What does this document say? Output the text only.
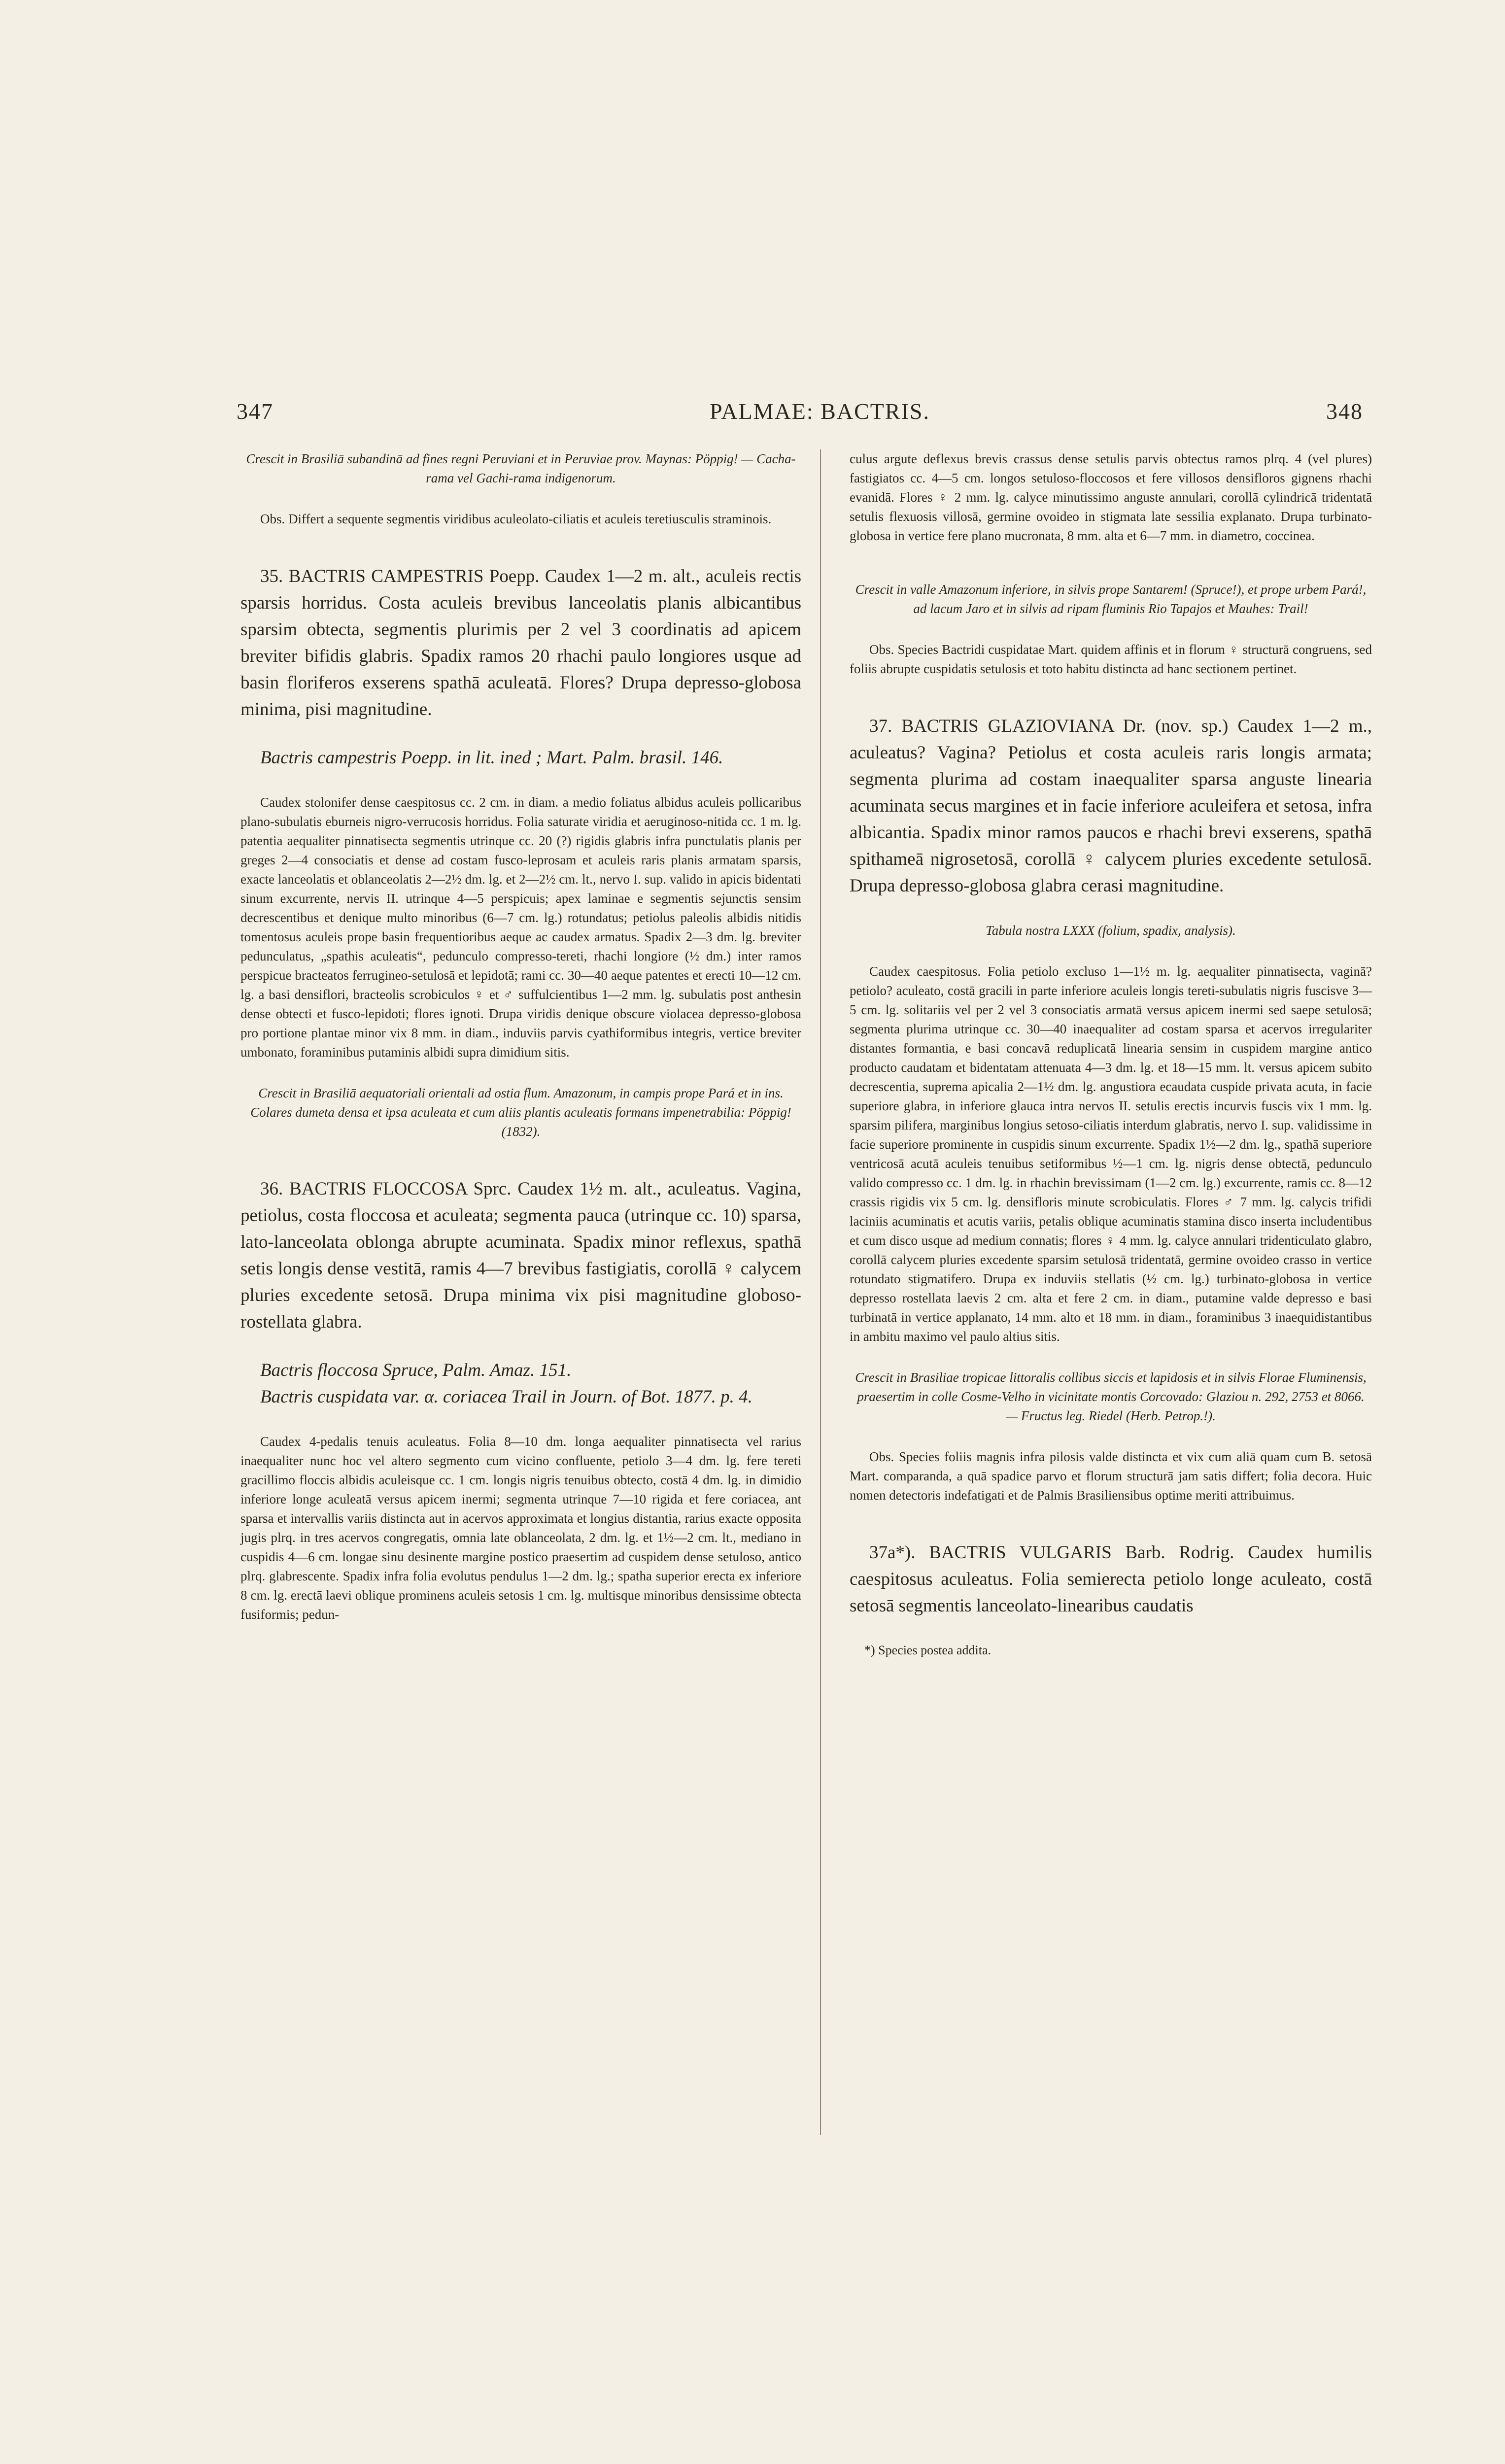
347	PALMAE: BACTRIS.	348

Crescit in Brasiliā subandinā ad fines regni Peruviani et in Peruviae prov. Maynas: Pöppig! — Cacha-rama vel Gachi-rama indigenorum.

Obs. Differt a sequente segmentis viridibus aculeolato-ciliatis et aculeis teretiusculis straminois.

35. BACTRIS CAMPESTRIS Poepp. Caudex 1—2 m. alt., aculeis rectis sparsis horridus. Costa aculeis brevibus lanceolatis planis albicantibus sparsim obtecta, segmentis plurimis per 2 vel 3 coordinatis ad apicem breviter bifidis glabris. Spadix ramos 20 rhachi paulo longiores usque ad basin floriferos exserens spathā aculeatā. Flores? Drupa depresso-globosa minima, pisi magnitudine.

Bactris campestris Poepp. in lit. ined ; Mart. Palm. brasil. 146.

Caudex stolonifer dense caespitosus cc. 2 cm. in diam. a medio foliatus albidus aculeis pollicaribus plano-subulatis eburneis nigro-verrucosis horridus. Folia saturate viridia et aeruginoso-nitida cc. 1 m. lg. patentia aequaliter pinnatisecta segmentis utrinque cc. 20 (?) rigidis glabris infra punctulatis planis per greges 2—4 consociatis et dense ad costam fusco-leprosam et aculeis raris planis armatam sparsis, exacte lanceolatis et oblanceolatis 2—2½ dm. lg. et 2—2½ cm. lt., nervo I. sup. valido in apicis bidentati sinum excurrente, nervis II. utrinque 4—5 perspicuis; apex laminae e segmentis sejunctis sensim decrescentibus et denique multo minoribus (6—7 cm. lg.) rotundatus; petiolus paleolis albidis nitidis tomentosus aculeis prope basin frequentioribus aeque ac caudex armatus. Spadix 2—3 dm. lg. breviter pedunculatus, „spathis aculeatis“, pedunculo compresso-tereti, rhachi longiore (½ dm.) inter ramos perspicue bracteatos ferrugineo-setulosā et lepidotā; rami cc. 30—40 aeque patentes et erecti 10—12 cm. lg. a basi densiflori, bracteolis scrobiculos ♀ et ♂ suffulcientibus 1—2 mm. lg. subulatis post anthesin dense obtecti et fusco-lepidoti; flores ignoti. Drupa viridis denique obscure violacea depresso-globosa pro portione plantae minor vix 8 mm. in diam., induviis parvis cyathiformibus integris, vertice breviter umbonato, foraminibus putaminis albidi supra dimidium sitis.

Crescit in Brasiliā aequatoriali orientali ad ostia flum. Amazonum, in campis prope Pará et in ins. Colares dumeta densa et ipsa aculeata et cum aliis plantis aculeatis formans impenetrabilia: Pöppig! (1832).

36. BACTRIS FLOCCOSA Sprc. Caudex 1½ m. alt., aculeatus. Vagina, petiolus, costa floccosa et aculeata; segmenta pauca (utrinque cc. 10) sparsa, lato-lanceolata oblonga abrupte acuminata. Spadix minor reflexus, spathā setis longis dense vestitā, ramis 4—7 brevibus fastigiatis, corollā ♀ calycem pluries excedente setosā. Drupa minima vix pisi magnitudine globoso-rostellata glabra.

Bactris floccosa Spruce, Palm. Amaz. 151.

Bactris cuspidata var. α. coriacea Trail in Journ. of Bot. 1877. p. 4.

Caudex 4-pedalis tenuis aculeatus. Folia 8—10 dm. longa aequaliter pinnatisecta vel rarius inaequaliter nunc hoc vel altero segmento cum vicino confluente, petiolo 3—4 dm. lg. fere tereti gracillimo floccis albidis aculeisque cc. 1 cm. longis nigris tenuibus obtecto, costā 4 dm. lg. in dimidio inferiore longe aculeatā versus apicem inermi; segmenta utrinque 7—10 rigida et fere coriacea, ant sparsa et intervallis variis distincta aut in acervos approximata et longius distantia, rarius exacte opposita jugis plrq. in tres acervos congregatis, omnia late oblanceolata, 2 dm. lg. et 1½—2 cm. lt., mediano in cuspidis 4—6 cm. longae sinu desinente margine postico praesertim ad cuspidem dense setuloso, antico plrq. glabrescente. Spadix infra folia evolutus pendulus 1—2 dm. lg.; spatha superior erecta ex inferiore 8 cm. lg. erectā laevi oblique prominens aculeis setosis 1 cm. lg. multisque minoribus densissime obtecta fusiformis; pedun-

culus argute deflexus brevis crassus dense setulis parvis obtectus ramos plrq. 4 (vel plures) fastigiatos cc. 4—5 cm. longos setuloso-floccosos et fere villosos densifloros gignens rhachi evanidā. Flores ♀ 2 mm. lg. calyce minutissimo anguste annulari, corollā cylindricā tridentatā setulis flexuosis villosā, germine ovoideo in stigmata late sessilia explanato. Drupa turbinato-globosa in vertice fere plano mucronata, 8 mm. alta et 6—7 mm. in diametro, coccinea.

Crescit in valle Amazonum inferiore, in silvis prope Santarem! (Spruce!), et prope urbem Pará!, ad lacum Jaro et in silvis ad ripam fluminis Rio Tapajos et Mauhes: Trail!

Obs. Species Bactridi cuspidatae Mart. quidem affinis et in florum ♀ structurā congruens, sed foliis abrupte cuspidatis setulosis et toto habitu distincta ad hanc sectionem pertinet.

37. BACTRIS GLAZIOVIANA Dr. (nov. sp.) Caudex 1—2 m., aculeatus? Vagina? Petiolus et costa aculeis raris longis armata; segmenta plurima ad costam inaequaliter sparsa anguste linearia acuminata secus margines et in facie inferiore aculeifera et setosa, infra albicantia. Spadix minor ramos paucos e rhachi brevi exserens, spathā spithameā nigrosetosā, corollā ♀ calycem pluries excedente setulosā. Drupa depresso-globosa glabra cerasi magnitudine.

Tabula nostra LXXX (folium, spadix, analysis).

Caudex caespitosus. Folia petiolo excluso 1—1½ m. lg. aequaliter pinnatisecta, vaginā? petiolo? aculeato, costā gracili in parte inferiore aculeis longis tereti-subulatis nigris fuscisve 3—5 cm. lg. solitariis vel per 2 vel 3 consociatis armatā versus apicem inermi sed saepe setulosā; segmenta plurima utrinque cc. 30—40 inaequaliter ad costam sparsa et acervos irregulariter distantes formantia, e basi concavā reduplicatā linearia sensim in cuspidem margine antico producto caudatam et bidentatam attenuata 4—3 dm. lg. et 18—15 mm. lt. versus apicem subito decrescentia, suprema apicalia 2—1½ dm. lg. angustiora ecaudata cuspide privata acuta, in facie superiore glabra, in inferiore glauca intra nervos II. setulis erectis incurvis fuscis vix 1 mm. lg. sparsim pilifera, marginibus longius setoso-ciliatis interdum glabratis, nervo I. sup. validissime in facie superiore prominente in cuspidis sinum excurrente. Spadix 1½—2 dm. lg., spathā superiore ventricosā acutā aculeis tenuibus setiformibus ½—1 cm. lg. nigris dense obtectā, pedunculo valido compresso cc. 1 dm. lg. in rhachin brevissimam (1—2 cm. lg.) excurrente, ramis cc. 8—12 crassis rigidis vix 5 cm. lg. densifloris minute scrobiculatis. Flores ♂ 7 mm. lg. calycis trifidi laciniis acuminatis et acutis variis, petalis oblique acuminatis stamina disco inserta includentibus et cum disco usque ad medium connatis; flores ♀ 4 mm. lg. calyce annulari tridenticulato glabro, corollā calycem pluries excedente sparsim setulosā tridentatā, germine ovoideo crasso in vertice rotundato stigmatifero. Drupa ex induviis stellatis (½ cm. lg.) turbinato-globosa in vertice depresso rostellata laevis 2 cm. alta et fere 2 cm. in diam., putamine valde depresso e basi turbinatā in vertice applanato, 14 mm. alto et 18 mm. in diam., foraminibus 3 inaequidistantibus in ambitu maximo vel paulo altius sitis.

Crescit in Brasiliae tropicae littoralis collibus siccis et lapidosis et in silvis Florae Fluminensis, praesertim in colle Cosme-Velho in vicinitate montis Corcovado: Glaziou n. 292, 2753 et 8066. — Fructus leg. Riedel (Herb. Petrop.!).

Obs. Species foliis magnis infra pilosis valde distincta et vix cum aliā quam cum B. setosā Mart. comparanda, a quā spadice parvo et florum structurā jam satis differt; folia decora. Huic nomen detectoris indefatigati et de Palmis Brasiliensibus optime meriti attribuimus.

37a*). BACTRIS VULGARIS Barb. Rodrig. Caudex humilis caespitosus aculeatus. Folia semierecta petiolo longe aculeato, costā setosā segmentis lanceolato-linearibus caudatis

*) Species postea addita.
